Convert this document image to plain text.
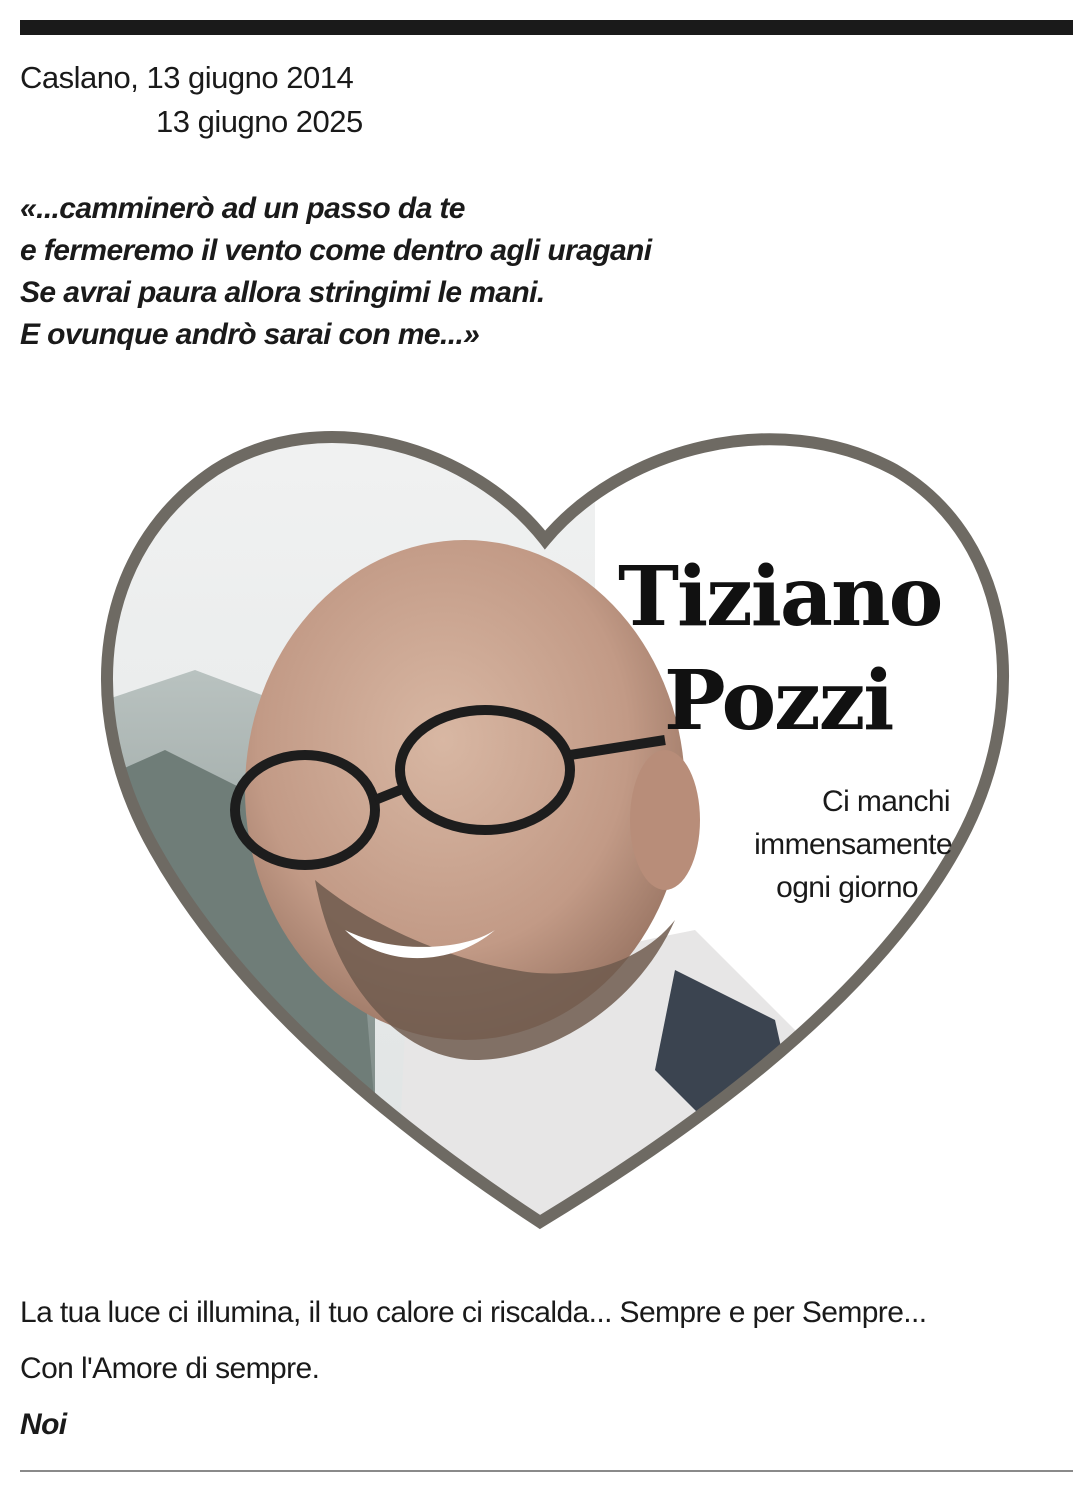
Caslano, 13 giugno 2014
13 giugno 2025

«...camminerò ad un passo da te
e fermeremo il vento come dentro agli uragani
Se avrai paura allora stringimi le mani.
E ovunque andrò sarai con me...»

Tiziano
Pozzi

Ci manchi
immensamente
ogni giorno

La tua luce ci illumina, il tuo calore ci riscalda... Sempre e per Sempre...
Con l'Amore di sempre.
Noi
